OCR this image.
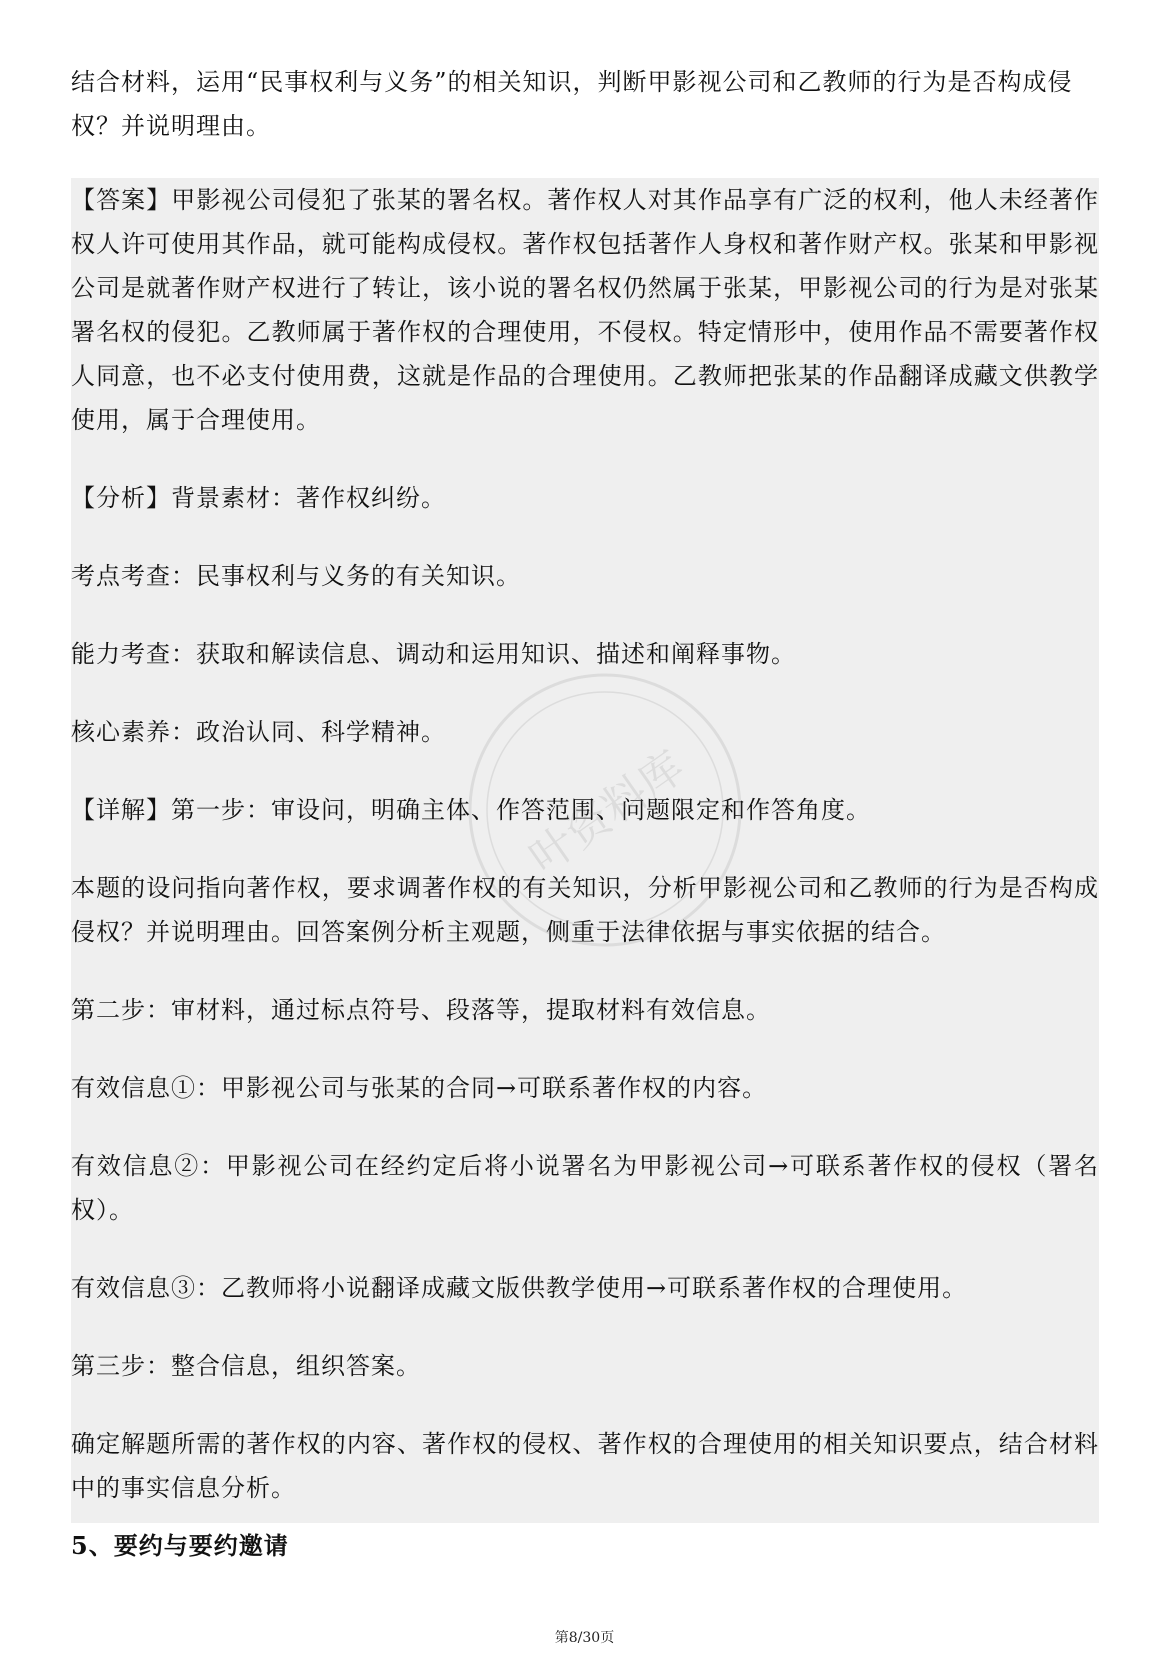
结合材料，运用“民事权利与义务”的相关知识，判断甲影视公司和乙教师的行为是否构成侵权？并说明理由。

【答案】甲影视公司侵犯了张某的署名权。著作权人对其作品享有广泛的权利，他人未经著作权人许可使用其作品，就可能构成侵权。著作权包括著作人身权和著作财产权。张某和甲影视公司是就著作财产权进行了转让，该小说的署名权仍然属于张某，甲影视公司的行为是对张某署名权的侵犯。乙教师属于著作权的合理使用，不侵权。特定情形中，使用作品不需要著作权人同意，也不必支付使用费，这就是作品的合理使用。乙教师把张某的作品翻译成藏文供教学使用，属于合理使用。

【分析】背景素材：著作权纠纷。

考点考查：民事权利与义务的有关知识。

能力考查：获取和解读信息、调动和运用知识、描述和阐释事物。

核心素养：政治认同、科学精神。

【详解】第一步：审设问，明确主体、作答范围、问题限定和作答角度。

本题的设问指向著作权，要求调著作权的有关知识，分析甲影视公司和乙教师的行为是否构成侵权？并说明理由。回答案例分析主观题，侧重于法律依据与事实依据的结合。

第二步：审材料，通过标点符号、段落等，提取材料有效信息。

有效信息①：甲影视公司与张某的合同→可联系著作权的内容。

有效信息②：甲影视公司在经约定后将小说署名为甲影视公司→可联系著作权的侵权（署名权）。

有效信息③：乙教师将小说翻译成藏文版供教学使用→可联系著作权的合理使用。

第三步：整合信息，组织答案。

确定解题所需的著作权的内容、著作权的侵权、著作权的合理使用的相关知识要点，结合材料中的事实信息分析。

叶资料库
5、要约与要约邀请
第8/30页
